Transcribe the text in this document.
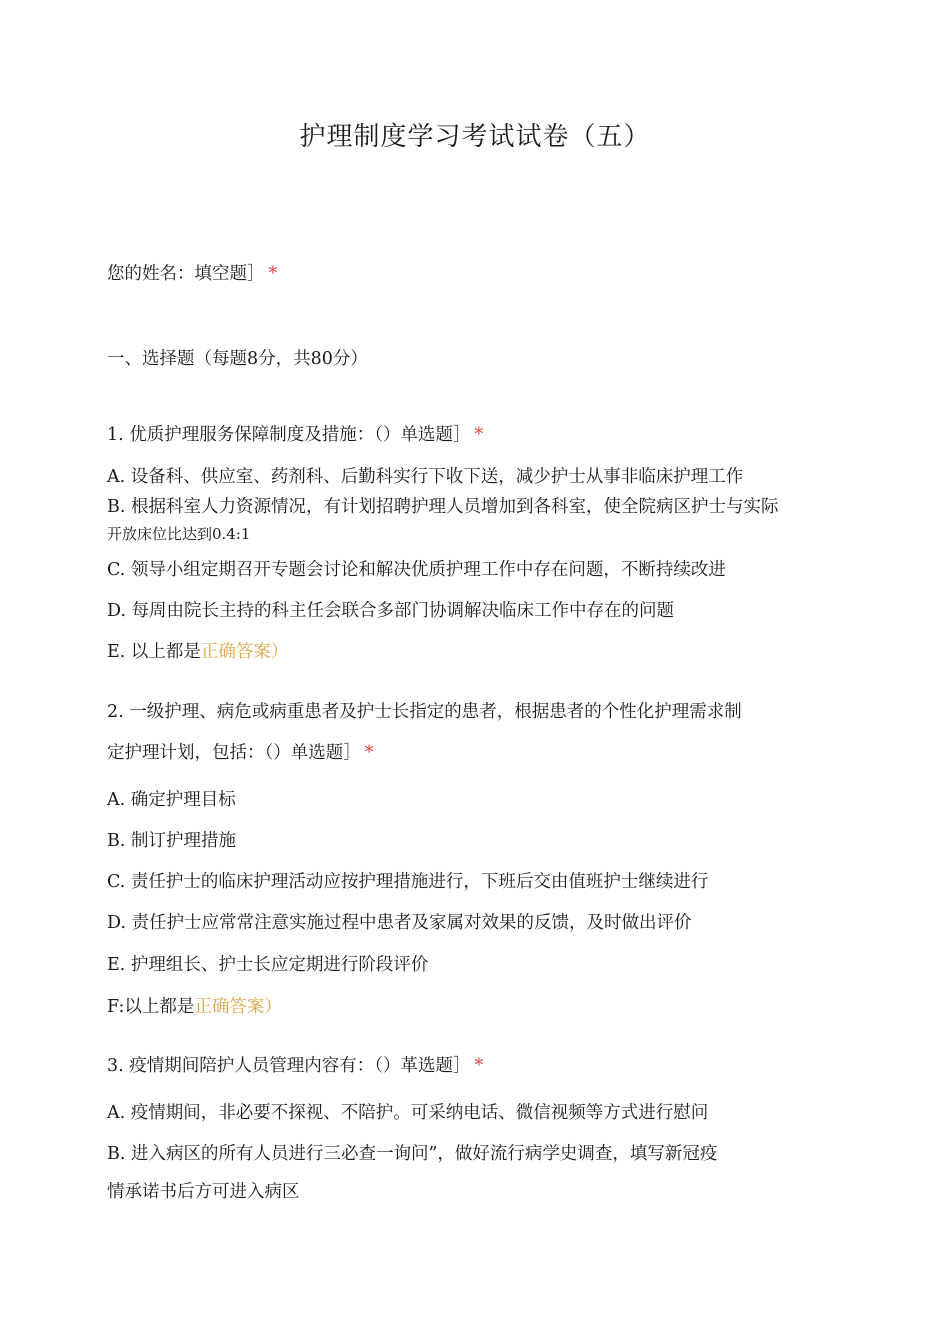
护理制度学习考试试卷（五）
您的姓名：填空题］ *
一、选择题（每题8分，共80分）
1. 优质护理服务保障制度及措施：（）单选题］ *
A. 设备科、供应室、药剂科、后勤科实行下收下送，减少护士从事非临床护理工作
B. 根据科室人力资源情况，有计划招聘护理人员增加到各科室，使全院病区护士与实际
开放床位比达到0.4:1
C. 领导小组定期召开专题会讨论和解决优质护理工作中存在问题，不断持续改进
D. 每周由院长主持的科主任会联合多部门协调解决临床工作中存在的问题
E. 以上都是正确答案）
2. 一级护理、病危或病重患者及护士长指定的患者，根据患者的个性化护理需求制
定护理计划，包括：（）单选题］ *
A. 确定护理目标
B. 制订护理措施
C. 责任护士的临床护理活动应按护理措施进行，下班后交由值班护士继续进行
D. 责任护士应常常注意实施过程中患者及家属对效果的反馈，及时做出评价
E. 护理组长、护士长应定期进行阶段评价
F:以上都是正确答案）
3. 疫情期间陪护人员管理内容有：（）革选题］ *
A. 疫情期间，非必要不探视、不陪护。可采纳电话、微信视频等方式进行慰问
B. 进入病区的所有人员进行三必查一询问”，做好流行病学史调查，填写新冠疫
情承诺书后方可进入病区
